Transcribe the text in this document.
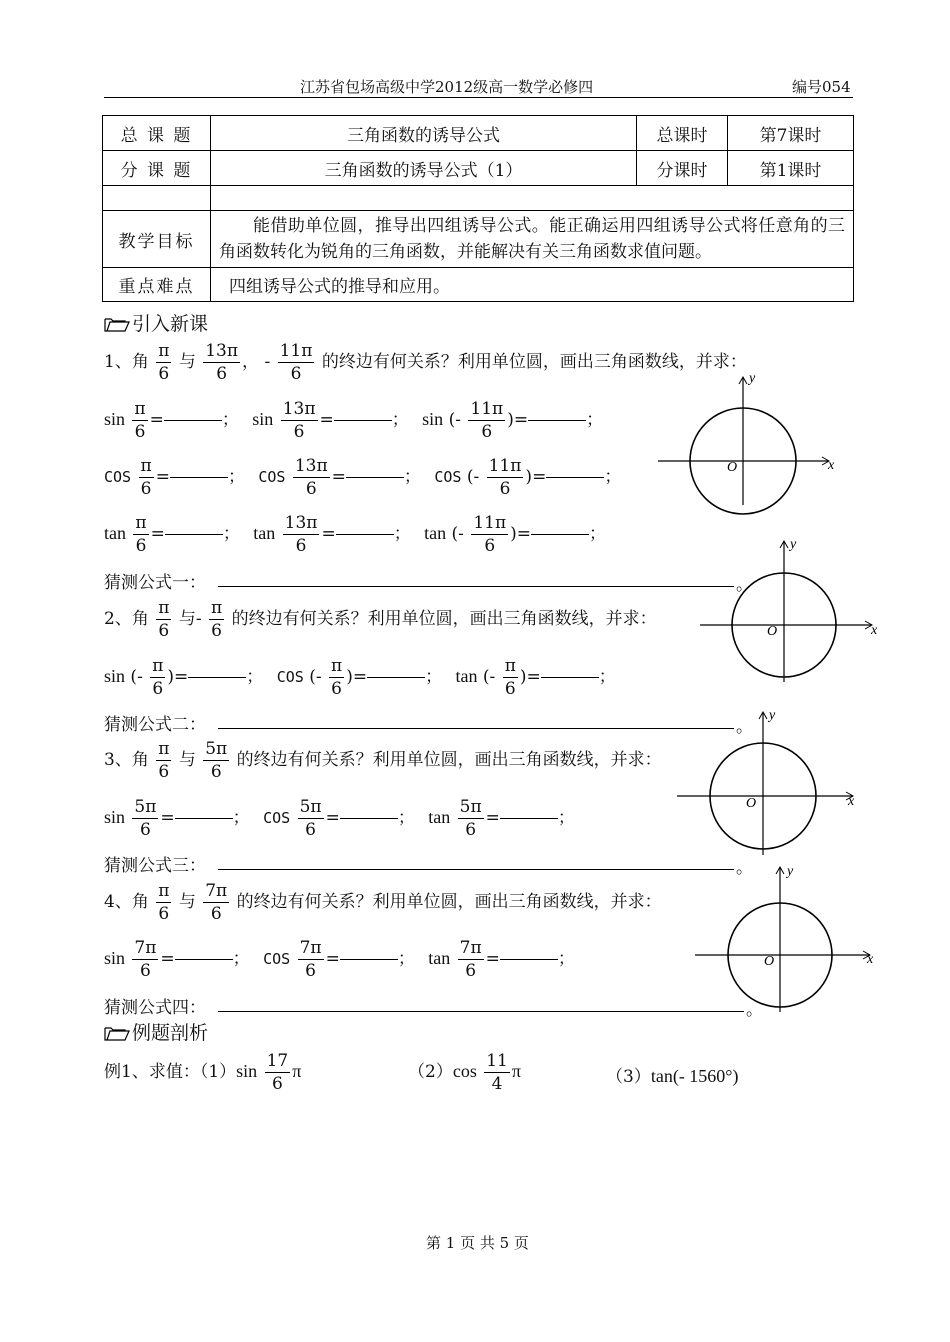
江苏省包场高级中学2012级高一数学必修四	编号054
总 课 题	三角函数的诱导公式	总课时	第7课时
分 课 题	三角函数的诱导公式（1）	分课时	第1课时

教学目标	能借助单位圆，推导出四组诱导公式。能正确运用四组诱导公式将任意角的三角函数转化为锐角的三角函数，并能解决有关三角函数求值问题。		
重点难点	四组诱导公式的推导和应用。		
引入新课
1、角 $\frac{\pi}{6}$ 与 $\frac{13\pi}{6}$ ， - $\frac{11\pi}{6}$ 的终边有何关系？利用单位圆，画出三角函数线，并求：
$\sin \frac{\pi}{6}$ =	； $\sin \frac{13\pi}{6}$ =	； sin (- $\frac{11\pi}{6}$ )=	；
COS $\frac{\pi}{6}$ =	； COS $\frac{13\pi}{6}$ =	； COS (- $\frac{11\pi}{6}$ )=	；
$\tan \frac{\pi}{6}$ =	； $\tan \frac{13\pi}{6}$ =	； tan (- $\frac{11\pi}{6}$ )=	；
猜测公式一：	。
x
y
O
2、角 $\frac{\pi}{6}$ 与- $\frac{\pi}{6}$ 的终边有何关系？利用单位圆，画出三角函数线，并求：
sin (- $\frac{\pi}{6}$ )=	； COS (- $\frac{\pi}{6}$ )=	； tan (- $\frac{\pi}{6}$ )=	；
猜测公式二：	。
x
y
O
3、角 $\frac{\pi}{6}$ 与 $\frac{5\pi}{6}$ 的终边有何关系？利用单位圆，画出三角函数线，并求：
$\sin \frac{5\pi}{6}$ =	； COS $\frac{5\pi}{6}$ =	； $\tan \frac{5\pi}{6}$ =	；
猜测公式三：	。
x
y
O
4、角 $\frac{\pi}{6}$ 与 $\frac{7\pi}{6}$ 的终边有何关系？利用单位圆，画出三角函数线，并求：
$\sin \frac{7\pi}{6}$ =	； COS $\frac{7\pi}{6}$ =	； $\tan \frac{7\pi}{6}$ =	；
猜测公式四：	。
x
y
O
例题剖析
例1、求值：$(1)\sin \frac{17}{6}$ π	$(2)\cos \frac{11}{4}$ π	（3）tan(- 1560°)
第 1 页 共 5 页
